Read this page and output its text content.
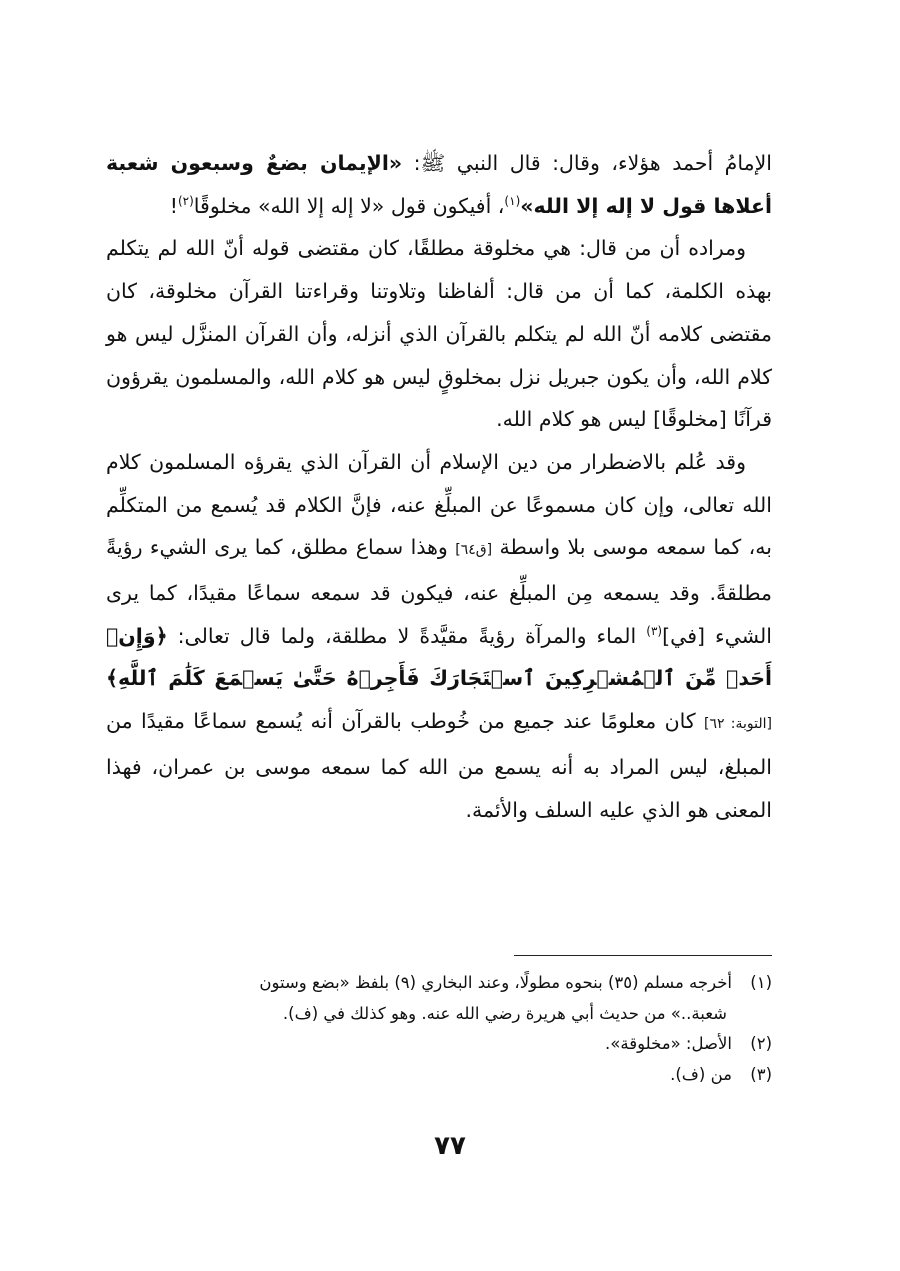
الإمامُ أحمد هؤلاء، وقال: قال النبي ﷺ: «الإيمان بضعٌ وسبعون شعبة أعلاها قول لا إله إلا الله»$^{(١)}$، أفيكون قول «لا إله إلا الله» مخلوقًا$^{(٢)}$!

ومراده أن من قال: هي مخلوقة مطلقًا، كان مقتضى قوله أنّ الله لم يتكلم بهذه الكلمة، كما أن من قال: ألفاظنا وتلاوتنا وقراءتنا القرآن مخلوقة، كان مقتضى كلامه أنّ الله لم يتكلم بالقرآن الذي أنزله، وأن القرآن المنزَّل ليس هو كلام الله، وأن يكون جبريل نزل بمخلوقٍ ليس هو كلام الله، والمسلمون يقرؤون قرآنًا [مخلوقًا] ليس هو كلام الله.

وقد عُلم بالاضطرار من دين الإسلام أن القرآن الذي يقرؤه المسلمون كلام الله تعالى، وإن كان مسموعًا عن المبلِّغ عنه، فإنَّ الكلام قد يُسمع من المتكلِّم به، كما سمعه موسى بلا واسطة [ق٦٤] وهذا سماع مطلق، كما يرى الشيء رؤيةً مطلقةً. وقد يسمعه مِن المبلِّغ عنه، فيكون قد سمعه سماعًا مقيدًا، كما يرى الشيء [في]$^{(٣)}$ الماء والمرآة رؤيةً مقيَّدةً لا مطلقة، ولما قال تعالى: ﴿وَإِنۡ أَحَدٞ مِّنَ ٱلۡمُشۡرِكِينَ ٱسۡتَجَارَكَ فَأَجِرۡهُ حَتَّىٰ يَسۡمَعَ كَلَٰمَ ٱللَّهِ﴾ [التوبة: ٦٢] كان معلومًا عند جميع من خُوطب بالقرآن أنه يُسمع سماعًا مقيدًا من المبلغ، ليس المراد به أنه يسمع من الله كما سمعه موسى بن عمران، فهذا المعنى هو الذي عليه السلف والأئمة.

(١)أخرجه مسلم (٣٥) بنحوه مطولًا، وعند البخاري (٩) بلفظ «بضع وستون

شعبة..» من حديث أبي هريرة رضي الله عنه. وهو كذلك في (ف).

(٢)الأصل: «مخلوقة».

(٣)من (ف).

٧٧
